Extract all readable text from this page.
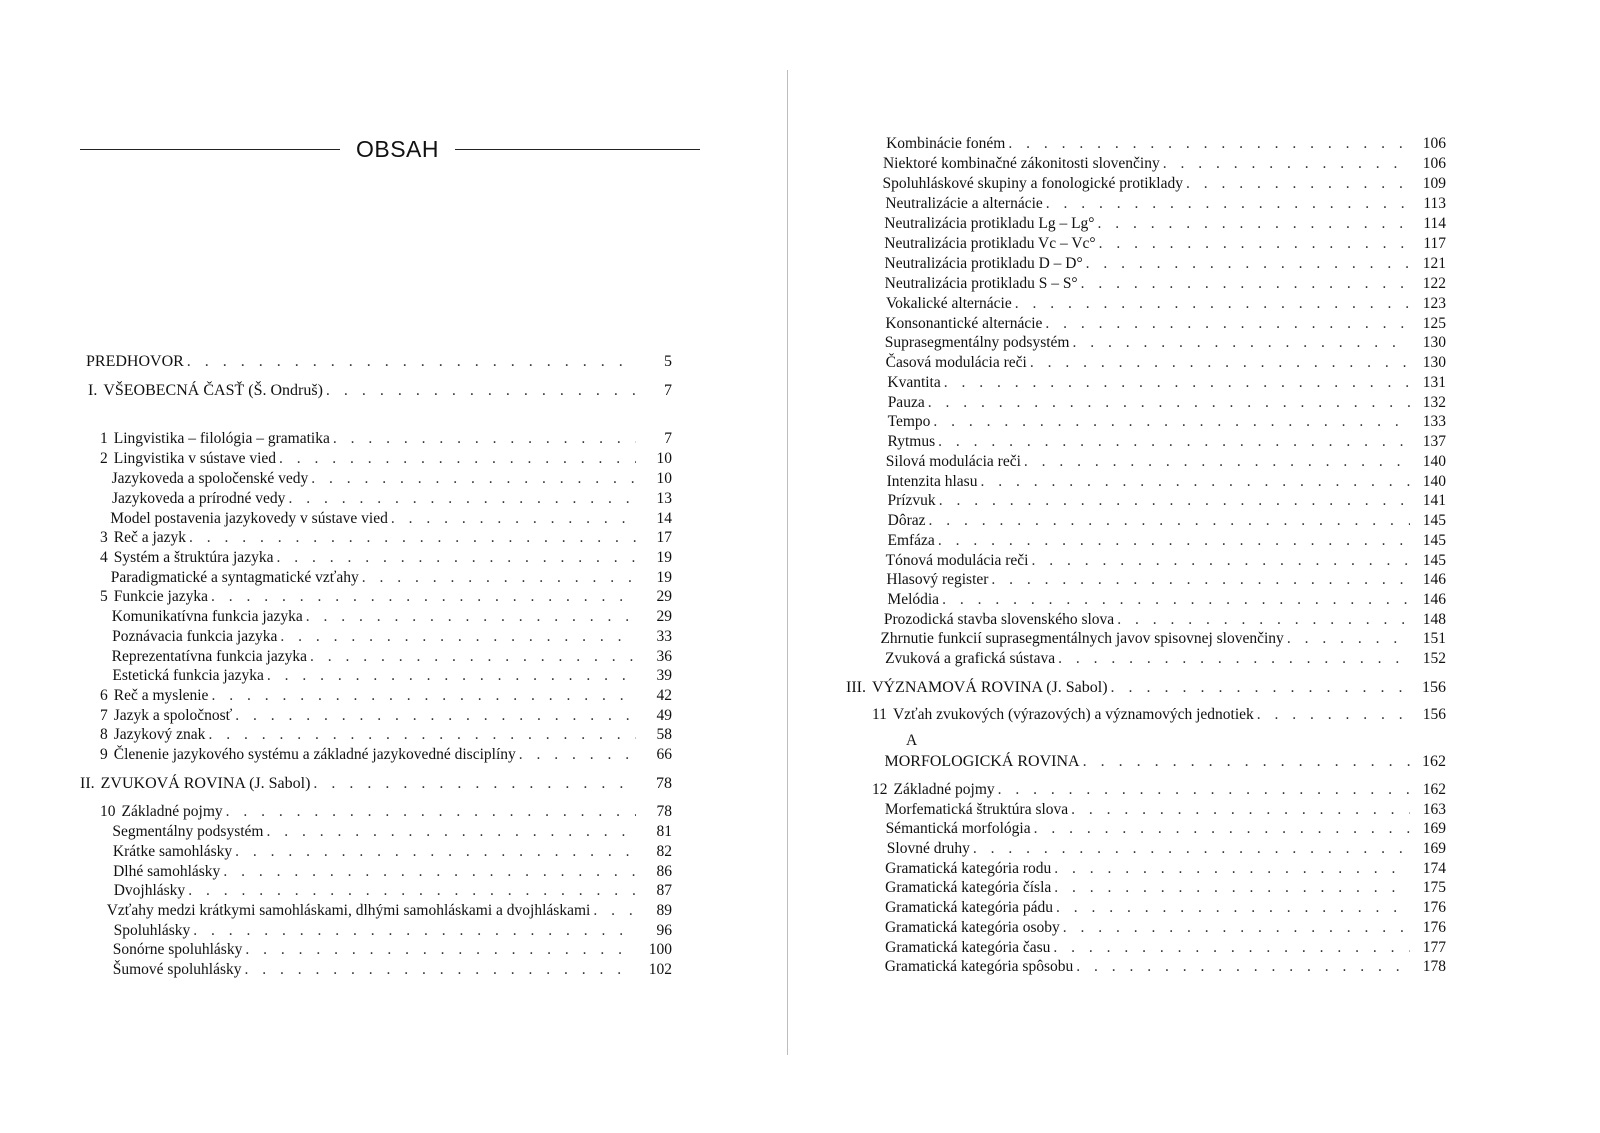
OBSAH
PREDHOVOR . . .	5
I. VŠEOBECNÁ ČASŤ (Š. Ondruš) . . .	7
1 Lingvistika – filológia – gramatika . . .	7
2 Lingvistika v sústave vied . . .	10
Jazykoveda a spoločenské vedy . . .	10
Jazykoveda a prírodné vedy . . .	13
Model postavenia jazykovedy v sústave vied . . .	14
3 Reč a jazyk . . .	17
4 Systém a štruktúra jazyka . . .	19
Paradigmatické a syntagmatické vzťahy . . .	19
5 Funkcie jazyka . . .	29
Komunikatívna funkcia jazyka . . .	29
Poznávacia funkcia jazyka . . .	33
Reprezentatívna funkcia jazyka . . .	36
Estetická funkcia jazyka . . .	39
6 Reč a myslenie . . .	42
7 Jazyk a spoločnosť . . .	49
8 Jazykový znak . . .	58
9 Členenie jazykového systému a základné jazykovedné disciplíny . . .	66
II. ZVUKOVÁ ROVINA (J. Sabol) . . .	78
10 Základné pojmy . . .	78
Segmentálny podsystém . . .	81
Krátke samohlásky . . .	82
Dlhé samohlásky . . .	86
Dvojhlásky . . .	87
Vzťahy medzi krátkymi samohláskami, dlhými samohláskami a dvojhláskami . . .	89
Spoluhlásky . . .	96
Sonórne spoluhlásky . . .	100
Šumové spoluhlásky . . .	102
Kombinácie foném . . .	106
Niektoré kombinačné zákonitosti slovenčiny . . .	106
Spoluhláskové skupiny a fonologické protiklady . . .	109
Neutralizácie a alternácie . . .	113
Neutralizácia protikladu Lg – Lg° . . .	114
Neutralizácia protikladu Vc – Vc° . . .	117
Neutralizácia protikladu D – D° . . .	121
Neutralizácia protikladu S – S° . . .	122
Vokalické alternácie . . .	123
Konsonantické alternácie . . .	125
Suprasegmentálny podsystém . . .	130
Časová modulácia reči . . .	130
Kvantita . . .	131
Pauza . . .	132
Tempo . . .	133
Rytmus . . .	137
Silová modulácia reči . . .	140
Intenzita hlasu . . .	140
Prízvuk . . .	141
Dôraz . . .	145
Emfáza . . .	145
Tónová modulácia reči . . .	145
Hlasový register . . .	146
Melódia . . .	146
Prozodická stavba slovenského slova . . .	148
Zhrnutie funkcií suprasegmentálnych javov spisovnej slovenčiny . . .	151
Zvuková a grafická sústava . . .	152
III. VÝZNAMOVÁ ROVINA (J. Sabol) . . .	156
11 Vzťah zvukových (výrazových) a významových jednotiek . . .	156
A
MORFOLOGICKÁ ROVINA . . .	162
12 Základné pojmy . . .	162
Morfematická štruktúra slova . . .	163
Sémantická morfológia . . .	169
Slovné druhy . . .	169
Gramatická kategória rodu . . .	174
Gramatická kategória čísla . . .	175
Gramatická kategória pádu . . .	176
Gramatická kategória osoby . . .	176
Gramatická kategória času . . .	177
Gramatická kategória spôsobu . . .	178
